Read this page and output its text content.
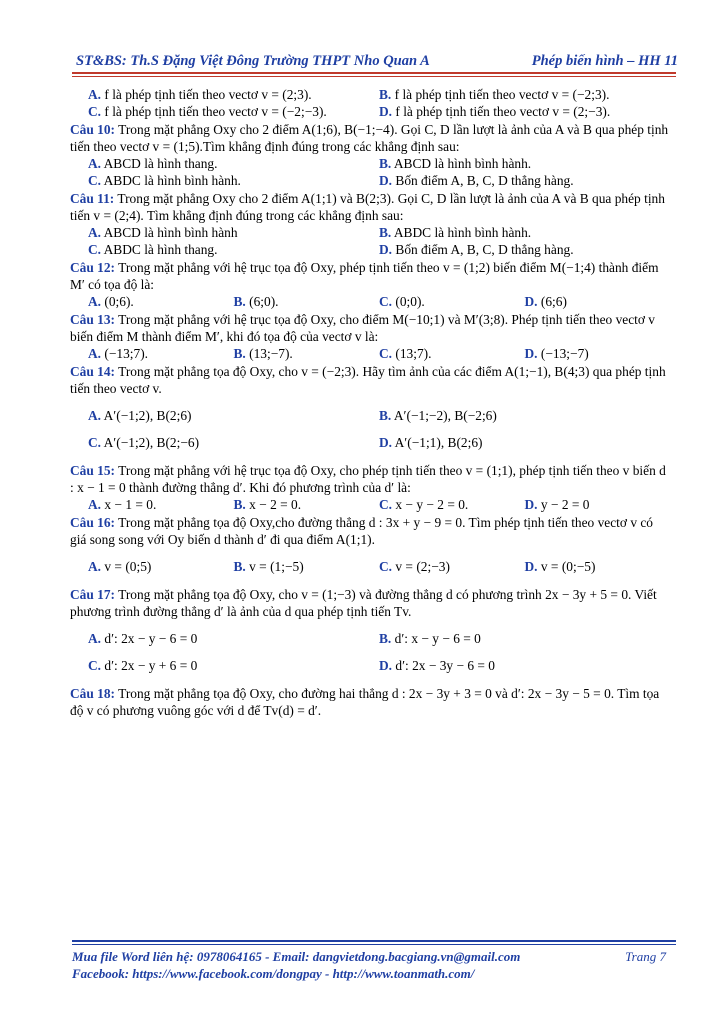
ST&BS: Th.S Đặng Việt Đông Trường THPT Nho Quan A	Phép biến hình – HH 11
A. f là phép tịnh tiến theo vectơ v = (2;3).	B. f là phép tịnh tiến theo vectơ v = (−2;3).
C. f là phép tịnh tiến theo vectơ v = (−2;−3).	D. f là phép tịnh tiến theo vectơ v = (2;−3).
Câu 10: Trong mặt phẳng Oxy cho 2 điểm A(1;6), B(−1;−4). Gọi C, D lần lượt là ảnh của A và B qua phép tịnh tiến theo vectơ v = (1;5).Tìm khẳng định đúng trong các khẳng định sau:
A. ABCD là hình thang.	B. ABCD là hình bình hành.
C. ABDC là hình bình hành.	D. Bốn điểm A, B, C, D thẳng hàng.
Câu 11: Trong mặt phẳng Oxy cho 2 điểm A(1;1) và B(2;3). Gọi C, D lần lượt là ảnh của A và B qua phép tịnh tiến v = (2;4). Tìm khẳng định đúng trong các khẳng định sau:
A. ABCD là hình bình hành	B. ABDC là hình bình hành.
C. ABDC là hình thang.	D. Bốn điểm A, B, C, D thẳng hàng.
Câu 12: Trong mặt phẳng với hệ trục tọa độ Oxy, phép tịnh tiến theo v = (1;2) biến điểm M(−1;4) thành điểm M′ có tọa độ là:
A. (0;6).	B. (6;0).	C. (0;0).	D. (6;6)
Câu 13: Trong mặt phẳng với hệ trục tọa độ Oxy, cho điểm M(−10;1) và M′(3;8). Phép tịnh tiến theo vectơ v biến điểm M thành điểm M′, khi đó tọa độ của vectơ v là:
A. (−13;7).	B. (13;−7).	C. (13;7).	D. (−13;−7)
Câu 14: Trong mặt phẳng tọa độ Oxy, cho v = (−2;3). Hãy tìm ảnh của các điểm A(1;−1), B(4;3) qua phép tịnh tiến theo vectơ v.
A. A′(−1;2), B(2;6)	B. A′(−1;−2), B(−2;6)
C. A′(−1;2), B(2;−6)	D. A′(−1;1), B(2;6)
Câu 15: Trong mặt phẳng với hệ trục tọa độ Oxy, cho phép tịnh tiến theo v = (1;1), phép tịnh tiến theo v biến d : x − 1 = 0 thành đường thẳng d′. Khi đó phương trình của d′ là:
A. x − 1 = 0.	B. x − 2 = 0.	C. x − y − 2 = 0.	D. y − 2 = 0
Câu 16: Trong mặt phẳng tọa độ Oxy,cho đường thẳng d : 3x + y − 9 = 0. Tìm phép tịnh tiến theo vectơ v có giá song song với Oy biến d thành d′ đi qua điểm A(1;1).
A. v = (0;5)	B. v = (1;−5)	C. v = (2;−3)	D. v = (0;−5)
Câu 17: Trong mặt phẳng tọa độ Oxy, cho v = (1;−3) và đường thẳng d có phương trình 2x − 3y + 5 = 0. Viết phương trình đường thẳng d′ là ảnh của d qua phép tịnh tiến Tv.
A. d′: 2x − y − 6 = 0	B. d′: x − y − 6 = 0
C. d′: 2x − y + 6 = 0	D. d′: 2x − 3y − 6 = 0
Câu 18: Trong mặt phẳng tọa độ Oxy, cho đường hai thẳng d : 2x − 3y + 3 = 0 và d′: 2x − 3y − 5 = 0. Tìm tọa độ v có phương vuông góc với d để Tv(d) = d′.
Mua file Word liên hệ: 0978064165 - Email: dangvietdong.bacgiang.vn@gmail.com	Trang 7
Facebook: https://www.facebook.com/dongpay - http://www.toanmath.com/
